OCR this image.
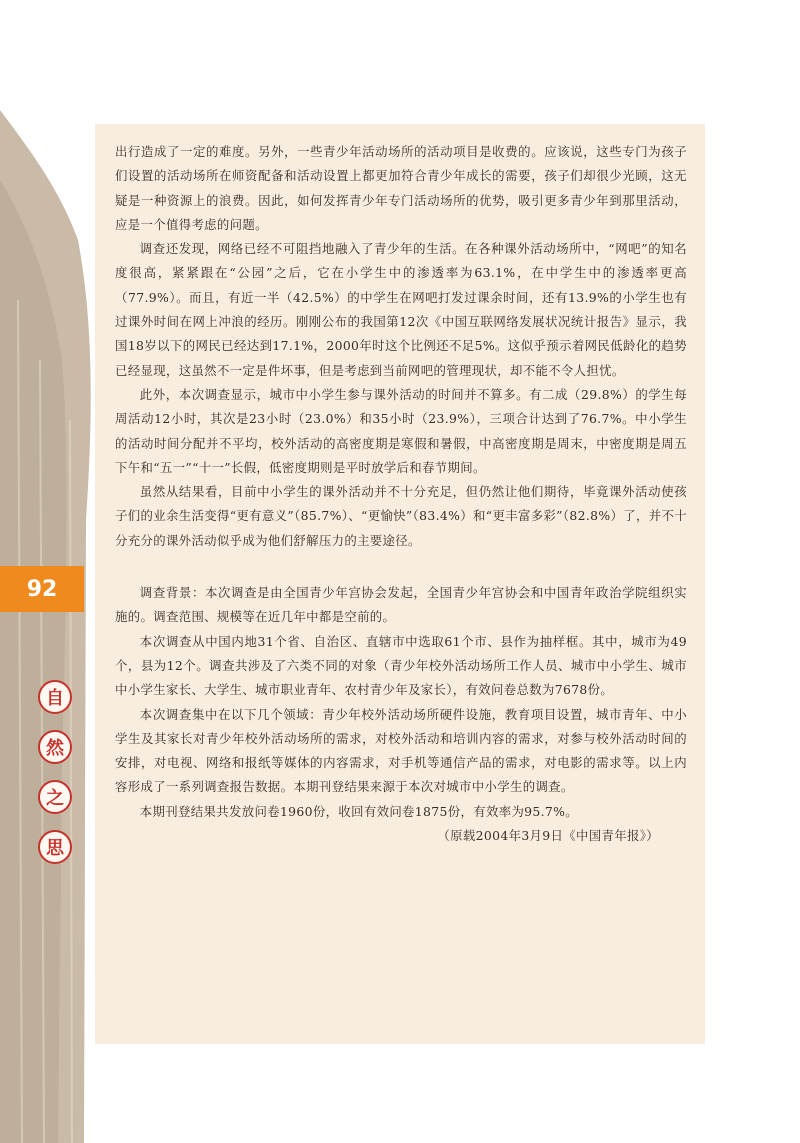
92
自
然
之
思

出行造成了一定的难度。另外，一些青少年活动场所的活动项目是收费的。应该说，这些专门为孩子们设置的活动场所在师资配备和活动设置上都更加符合青少年成长的需要，孩子们却很少光顾，这无疑是一种资源上的浪费。因此，如何发挥青少年专门活动场所的优势，吸引更多青少年到那里活动，应是一个值得考虑的问题。

调查还发现，网络已经不可阻挡地融入了青少年的生活。在各种课外活动场所中，“网吧”的知名度很高，紧紧跟在“公园”之后，它在小学生中的渗透率为63.1%，在中学生中的渗透率更高（77.9%）。而且，有近一半（42.5%）的中学生在网吧打发过课余时间，还有13.9%的小学生也有过课外时间在网上冲浪的经历。刚刚公布的我国第12次《中国互联网络发展状况统计报告》显示，我国18岁以下的网民已经达到17.1%，2000年时这个比例还不足5%。这似乎预示着网民低龄化的趋势已经显现，这虽然不一定是件坏事，但是考虑到当前网吧的管理现状，却不能不令人担忧。

此外，本次调查显示，城市中小学生参与课外活动的时间并不算多。有二成（29.8%）的学生每周活动12小时，其次是23小时（23.0%）和35小时（23.9%），三项合计达到了76.7%。中小学生的活动时间分配并不平均，校外活动的高密度期是寒假和暑假，中高密度期是周末，中密度期是周五下午和“五一”“十一”长假，低密度期则是平时放学后和春节期间。

虽然从结果看，目前中小学生的课外活动并不十分充足，但仍然让他们期待，毕竟课外活动使孩子们的业余生活变得“更有意义”（85.7%）、“更愉快”（83.4%）和“更丰富多彩”（82.8%）了，并不十分充分的课外活动似乎成为他们舒解压力的主要途径。

调查背景：本次调查是由全国青少年宫协会发起，全国青少年宫协会和中国青年政治学院组织实施的。调查范围、规模等在近几年中都是空前的。

本次调查从中国内地31个省、自治区、直辖市中选取61个市、县作为抽样框。其中，城市为49个，县为12个。调查共涉及了六类不同的对象（青少年校外活动场所工作人员、城市中小学生、城市中小学生家长、大学生、城市职业青年、农村青少年及家长），有效问卷总数为7678份。

本次调查集中在以下几个领域：青少年校外活动场所硬件设施，教育项目设置，城市青年、中小学生及其家长对青少年校外活动场所的需求，对校外活动和培训内容的需求，对参与校外活动时间的安排，对电视、网络和报纸等媒体的内容需求，对手机等通信产品的需求，对电影的需求等。以上内容形成了一系列调查报告数据。本期刊登结果来源于本次对城市中小学生的调查。

本期刊登结果共发放问卷1960份，收回有效问卷1875份，有效率为95.7%。

（原载2004年3月9日《中国青年报》）
